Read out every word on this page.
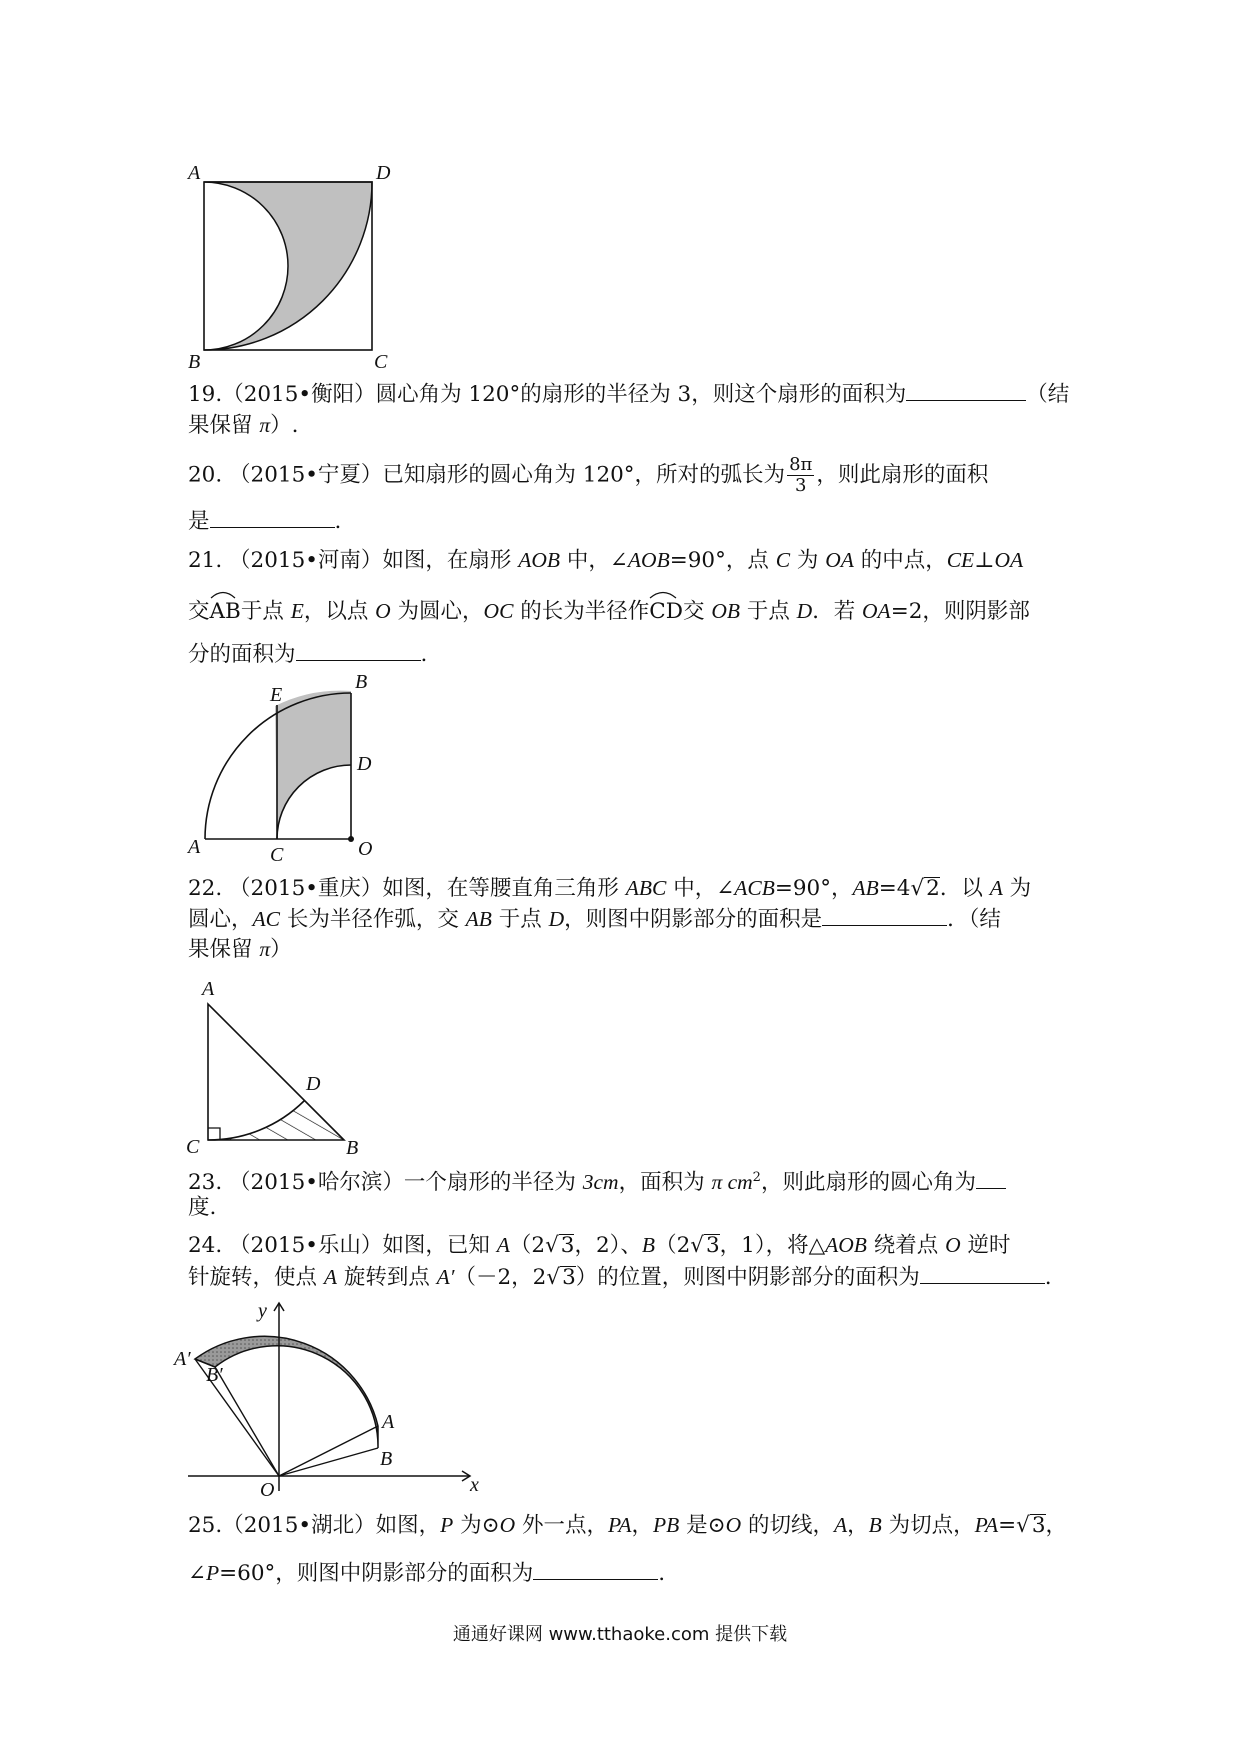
A	D
B	C
19.（2015•衡阳）圆心角为 120°的扇形的半径为 3，则这个扇形的面积为	（结
果保留 π）.
20. （2015•宁夏）已知扇形的圆心角为 120°，所对的弧长为 $\frac{8\pi}{3}$ ，则此扇形的面积
是	.
21. （2015•河南）如图，在扇形 AOB 中，∠AOB=90°，点 C 为 OA 的中点，CE⊥OA
交
AB于点 E，以点 O 为圆心，OC 的长为半径作
CD交 OB 于点 D．若 OA=2，则阴影部
分的面积为	.
E
B
D
A	C	O
22. （2015•重庆）如图，在等腰直角三角形 ABC 中，∠ACB=90°，AB=4√2．以 A 为
圆心，AC 长为半径作弧，交 AB 于点 D，则图中阴影部分的面积是	．（结
果保留 π）
A
D
C	B
23. （2015•哈尔滨）一个扇形的半径为 3cm，面积为 π $cm^2$，则此扇形的圆心角为
度.
24. （2015•乐山）如图，已知 A（2√3，2）、B（2√3，1），将△AOB 绕着点 O 逆时
针旋转，使点 A 旋转到点 A′（－2，2√3）的位置，则图中阴影部分的面积为	.
y
A′
B′
A
B
O	x
25.（2015•湖北）如图，P 为⊙O 外一点，PA，PB 是⊙O 的切线，A，B 为切点，PA=√3，
∠P=60°，则图中阴影部分的面积为	.
通通好课网 www.tthaoke.com 提供下载
